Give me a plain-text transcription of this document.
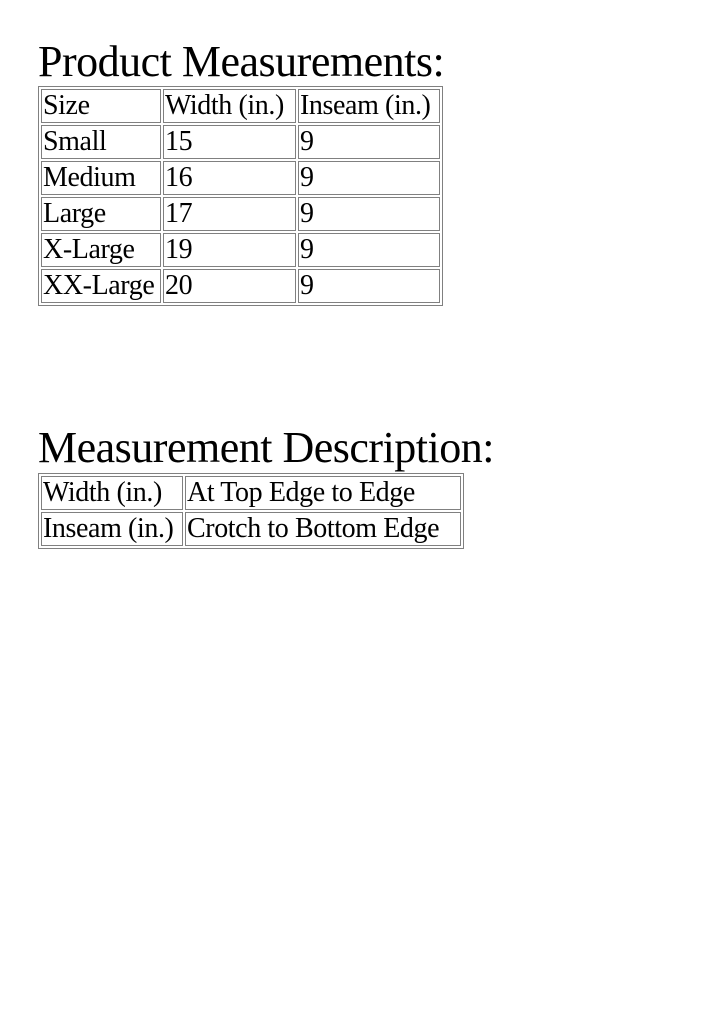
Product Measurements:
Size	Width (in.)	Inseam (in.)
Small	15	9
Medium	16	9
Large	17	9
X-Large	19	9
XX-Large	20	9
Measurement Description:
Width (in.)	At Top Edge to Edge
Inseam (in.)	Crotch to Bottom Edge
